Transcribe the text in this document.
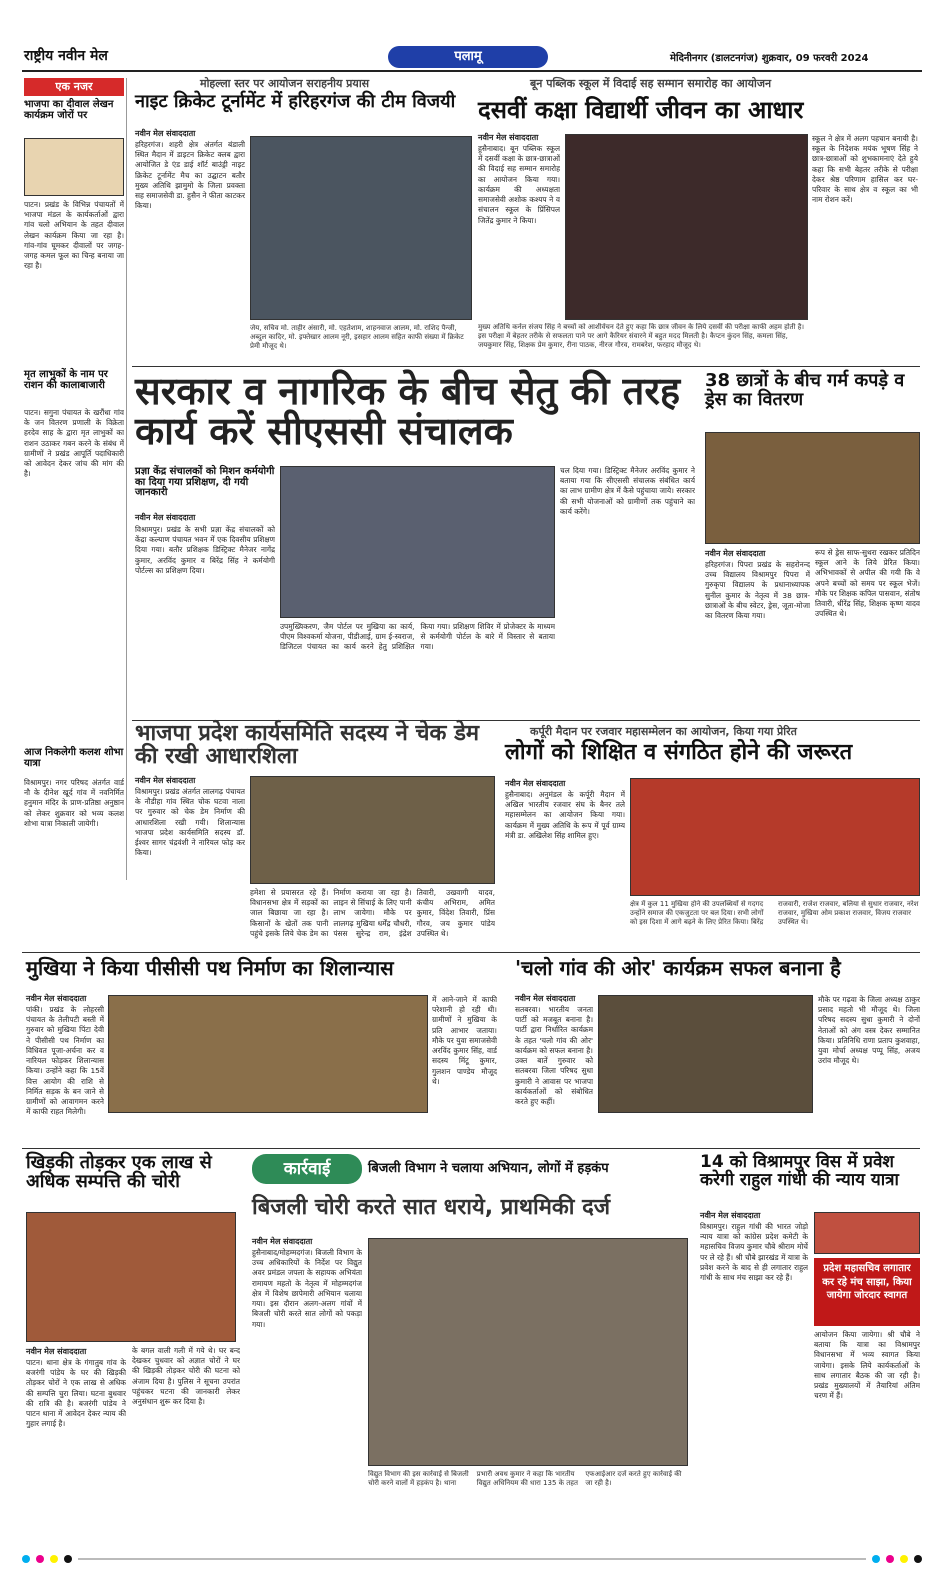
राष्ट्रीय नवीन मेल	पलामू	मेदिनीनगर (डालटनगंज) शुक्रवार, 09 फरवरी 2024
एक नजर
भाजपा का दीवाल लेखन कार्यक्रम जोरों पर
पाटन। प्रखंड के विभिन्न पंचायतों में भाजपा मंडल के कार्यकर्ताओं द्वारा गांव चलो अभियान के तहत दीवाल लेखन कार्यक्रम किया जा रहा है। गांव-गांव घूमकर दीवालों पर जगह-जगह कमल फूल का चिन्ह बनाया जा रहा है।
मृत लाभुकों के नाम पर राशन की कालाबाजारी
पाटन। सगुना पंचायत के खरौंधा गांव के जन वितरण प्रणाली के विक्रेता हरदेव साह के द्वारा मृत लाभुकों का राशन उठाकर गबन करने के संबंध में ग्रामीणों ने प्रखंड आपूर्ति पदाधिकारी को आवेदन देकर जांच की मांग की है।
आज निकलेगी कलश शोभा यात्रा
विश्रामपुर। नगर परिषद अंतर्गत वार्ड नौ के दीनेश खूर्द गांव में नवनिर्मित हनुमान मंदिर के प्राण-प्रतिष्ठा अनुष्ठान को लेकर शुक्रवार को भव्य कलश शोभा यात्रा निकाली जायेगी।
मोहल्ला स्तर पर आयोजन सराहनीय प्रयास
नाइट क्रिकेट टूर्नामेंट में हरिहरगंज की टीम विजयी
नवीन मेल संवाददाता
हरिहरगंज। शहरी क्षेत्र अंतर्गत बंडाली स्थित मैदान में डाइटन क्रिकेट क्लब द्वारा आयोजित डे एंड डाई शॉर्ट बाउंड्री नाइट क्रिकेट टूर्नामेंट मैच का उद्घाटन बतौर मुख्य अतिथि झामुमो के जिला प्रवक्ता सह समाजसेवी डा. हुसैन ने फीता काटकर किया।
जेय, सचिव मो. ताहीर अंसारी, मो. एहतेशाम, शाहनवाज आलम, मो. राशिद पैन्जी, अब्दुल कादिर, मो. इफ्तेखार आलम नूरी, इसहार आलम सहित काफी संख्या में क्रिकेट प्रेमी मौजूद थे।
बून पब्लिक स्कूल में विदाई सह सम्मान समारोह का आयोजन
दसवीं कक्षा विद्यार्थी जीवन का आधार
नवीन मेल संवाददाता
हुसैनाबाद। बून पब्लिक स्कूल में दसवीं कक्षा के छात्र-छात्राओं की विदाई सह सम्मान समारोह का आयोजन किया गया। कार्यक्रम की अध्यक्षता समाजसेवी अशोक कश्यप ने व संचालन स्कूल के प्रिंसिपल जितेंद्र कुमार ने किया।
स्कूल ने क्षेत्र में अलग पहचान बनायी है। स्कूल के निदेशक मयंक भूषण सिंह ने छात्र-छात्राओं को शुभकामनाएं देते हुये कहा कि सभी बेहतर तरीके से परीक्षा देकर श्रेष्ठ परिणाम हासिल कर घर-परिवार के साथ क्षेत्र व स्कूल का भी नाम रोशन करें।
मुख्य अतिथि कर्नल संजय सिंह ने बच्चों को आशीर्वचन देते हुए कहा कि छात्र जीवन के लिये दसवीं की परीक्षा काफी अहम होती है। इस परीक्षा में बेहतर तरीके से सफलता पाने पर आगे कैरियर संवारने में बहुत मदद मिलती है। कैप्टन कुंदन सिंह, कमला सिंह, जयकुमार सिंह, शिक्षक प्रेम कुमार, रीना पाठक, नीरज गौरव, रामबरेश, फरहाद मौजूद थे।
सरकार व नागरिक के बीच सेतु की तरह कार्य करें सीएससी संचालक
प्रज्ञा केंद्र संचालकों को मिशन कर्मयोगी का दिया गया प्रशिक्षण, दी गयी जानकारी
नवीन मेल संवाददाता
विश्रामपुर। प्रखंड के सभी प्रज्ञा केंद्र संचालकों को केंद्रा कल्याण पंचायत भवन में एक दिवसीय प्रशिक्षण दिया गया। बतौर प्रशिक्षक डिस्ट्रिक्ट मैनेजर नागेंद्र कुमार, अरविंद कुमार व बिरेंद्र सिंह ने कर्मयोगी पोर्टल्स का प्रशिक्षण दिया।
उपमुख्यिकरण, जैम पोर्टल पर मुखिया का कार्य, पीएम विश्वकर्मा योजना, पीडीआई, ग्राम ई-स्वराज, डिजिटल पंचायत का कार्य करने हेतु प्रशिक्षित किया गया। प्रशिक्षण शिविर में प्रोजेक्टर के माध्यम से कर्मयोगी पोर्टल के बारे में विस्तार से बताया गया।
चल दिया गया। डिस्ट्रिक्ट मैनेजर अरविंद कुमार ने बताया गया कि सीएससी संचालक संबंधित कार्य का लाभ ग्रामीण क्षेत्र में कैसे पहुंचाया जाये। सरकार की सभी योजनाओं को ग्रामीणों तक पहुंचाने का कार्य करेंगे।
38 छात्रों के बीच गर्म कपड़े व ड्रेस का वितरण
नवीन मेल संवाददाता
हरिहरगंज। पिपरा प्रखंड के सहरोनन्द उच्च विद्यालय विश्रामपुर पिपरा में गुरुकृपा विद्यालय के प्रधानाध्यापक सुनील कुमार के नेतृत्व में 38 छात्र-छात्राओं के बीच स्वेटर, ड्रेस, जूता-मोजा का वितरण किया गया।
रूप से ड्रेस साफ-सुथरा रखकर प्रतिदिन स्कूल आने के लिये प्रेरित किया। अभिभावकों से अपील की गयी कि वे अपने बच्चों को समय पर स्कूल भेजें। मौके पर शिक्षक कपिल पासवान, संतोष तिवारी, धीरेंद्र सिंह, शिक्षक कृष्ण यादव उपस्थित थे।
भाजपा प्रदेश कार्यसमिति सदस्य ने चेक डेम की रखी आधारशिला
नवीन मेल संवाददाता
विश्रामपुर। प्रखंड अंतर्गत लालगढ़ पंचायत के नौडीहा गांव स्थित चोक घटवा नाला पर गुरुवार को चेक डेम निर्माण की आधारशिला रखी गयी। शिलान्यास भाजपा प्रदेश कार्यसमिति सदस्य डॉ. ईश्वर सागर चंद्रवंशी ने नारियल फोड़ कर किया।
हमेशा से प्रयासरत रहे हैं। विधानसभा क्षेत्र में सड़कों का जाल बिछाया जा रहा है। किसानों के खेतों तक पानी पहुंचे इसके लिये चेक डेम का निर्माण कराया जा रहा है। लाइन से सिंचाई के लिए पानी लाभ जायेगा। मौके पर लालगढ़ मुखिया धर्मेंद्र चौधरी, पंसस सुरेन्द्र राम, इंद्रेश तिवारी, उखवागी यादव, कंचीय अभिराम, अमित कुमार, विंदेश तिवारी, प्रिंस गौरव, जय कुमार पांडेय उपस्थित थे।
कर्पूरी मैदान पर रजवार महासम्मेलन का आयोजन, किया गया प्रेरित
लोगों को शिक्षित व संगठित होने की जरूरत
नवीन मेल संवाददाता
हुसैनाबाद। अनुमंडल के कर्पूरी मैदान में अखिल भारतीय रजवार संघ के बैनर तले महासम्मेलन का आयोजन किया गया। कार्यक्रम में मुख्य अतिथि के रूप में पूर्व ग्राम्य मंत्री डा. अखिलेश सिंह शामिल हुए।
क्षेत्र में कुल 11 मुखिया होने की उपलब्धियों से गदगद उन्होंने समाज की एकजुटता पर बल दिया। सभी लोगों को इस दिशा में आगे बढ़ने के लिए प्रेरित किया। बिरेंद्र राजवारी, राजेश राजवार, बलिया से सुधार राजवार, नरेश राजवार, मुखिया ओम प्रकाश राजवार, विजय राजवार उपस्थित थे।
मुखिया ने किया पीसीसी पथ निर्माण का शिलान्यास
नवीन मेल संवाददाता
पांकी। प्रखंड के लोहरसी पंचायत के तेलीपटी बस्ती में गुरुवार को मुखिया पिंटा देवी ने पीसीसी पथ निर्माण का विधिवत पूजा-अर्चना कर व नारियल फोड़कर शिलान्यास किया। उन्होंने कहा कि 15वें वित्त आयोग की राशि से निर्मित सड़क के बन जाने से ग्रामीणों को आवागमन करने में काफी राहत मिलेगी।
में आने-जाने में काफी परेशानी हो रही थी। ग्रामीणों ने मुखिया के प्रति आभार जताया। मौके पर युवा समाजसेवी अरविंद कुमार सिंह, वार्ड सदस्य मिंटू कुमार, गुलशन पाण्डेय मौजूद थे।
'चलो गांव की ओर' कार्यक्रम सफल बनाना है
नवीन मेल संवाददाता
सतबरवा। भारतीय जनता पार्टी को मजबूत बनाना है। पार्टी द्वारा निर्धारित कार्यक्रम के तहत 'चलो गांव की ओर' कार्यक्रम को सफल बनाना है। उक्त बातें गुरुवार को सतबरवा जिला परिषद सुधा कुमारी ने आवास पर भाजपा कार्यकर्ताओं को संबोधित करते हुए कहीं।
मौके पर गढ़वा के जिला अध्यक्ष ठाकुर प्रसाद महतो भी मौजूद थे। जिला परिषद सदस्य सुधा कुमारी ने दोनों नेताओं को अंग वस्त्र देकर सम्मानित किया। प्रतिनिधि राणा प्रताप कुशवाहा, युवा मोर्चा अध्यक्ष पप्पू सिंह, अजय उरांव मौजूद थे।
खिड़की तोड़कर एक लाख से अधिक सम्पत्ति की चोरी
नवीन मेल संवाददाता
पाटन। थाना क्षेत्र के गंगातुब गांव के बजरंगी पांडेय के घर की खिड़की तोड़कर चोरों ने एक लाख से अधिक की सम्पत्ति चुरा लिया। घटना बुधवार की रात्रि की है। बजरंगी पांडेय ने पाटन थाना में आवेदन देकर न्याय की गुहार लगाई है।
के बगल वाली गली में गये थे। घर बन्द देखकर चुधवार को अज्ञात चोरों ने घर की खिड़की तोड़कर चोरी की घटना को अंजाम दिया है। पुलिस ने सूचना उपरांत पहुंचकर घटना की जानकारी लेकर अनुसंधान शुरू कर दिया है।
कार्रवाई	बिजली विभाग ने चलाया अभियान, लोगों में हड़कंप
बिजली चोरी करते सात धराये, प्राथमिकी दर्ज
नवीन मेल संवाददाता
हुसैनाबाद/मोहम्मदगंज। बिजली विभाग के उच्च अधिकारियों के निर्देश पर विद्युत अवर प्रमंडल जपला के सहायक अभियंता रामायण महतो के नेतृत्व में मोहम्मदगंज क्षेत्र में विशेष छापेमारी अभियान चलाया गया। इस दौरान अलग-अलग गांवों में बिजली चोरी करते सात लोगों को पकड़ा गया।
विद्युत विभाग की इस कार्रवाई से बिजली चोरी करने वालों में हड़कंप है। थाना प्रभारी अवध कुमार ने कहा कि भारतीय विद्युत अधिनियम की धारा 135 के तहत एफआईआर दर्ज करते हुए कार्रवाई की जा रही है।
14 को विश्रामपुर विस में प्रवेश करेगी राहुल गांधी की न्याय यात्रा
नवीन मेल संवाददाता
विश्रामपुर। राहुल गांधी की भारत जोड़ो न्याय यात्रा को कांग्रेस प्रदेश कमेटी के महासचिव विजय कुमार चौबे श्रीराम मोर्चे पर ले रहे हैं। श्री चौबे झारखंड में यात्रा के प्रवेश करने के बाद से ही लगातार राहुल गांधी के साथ मंच साझा कर रहे हैं।
प्रदेश महासचिव लगातार कर रहे मंच साझा, किया जायेगा जोरदार स्वागत
आयोजन किया जायेगा। श्री चौबे ने बताया कि यात्रा का विश्रामपुर विधानसभा में भव्य स्वागत किया जायेगा। इसके लिये कार्यकर्ताओं के साथ लगातार बैठक की जा रही है। प्रखंड मुख्यालयों में तैयारियां अंतिम चरण में हैं।
